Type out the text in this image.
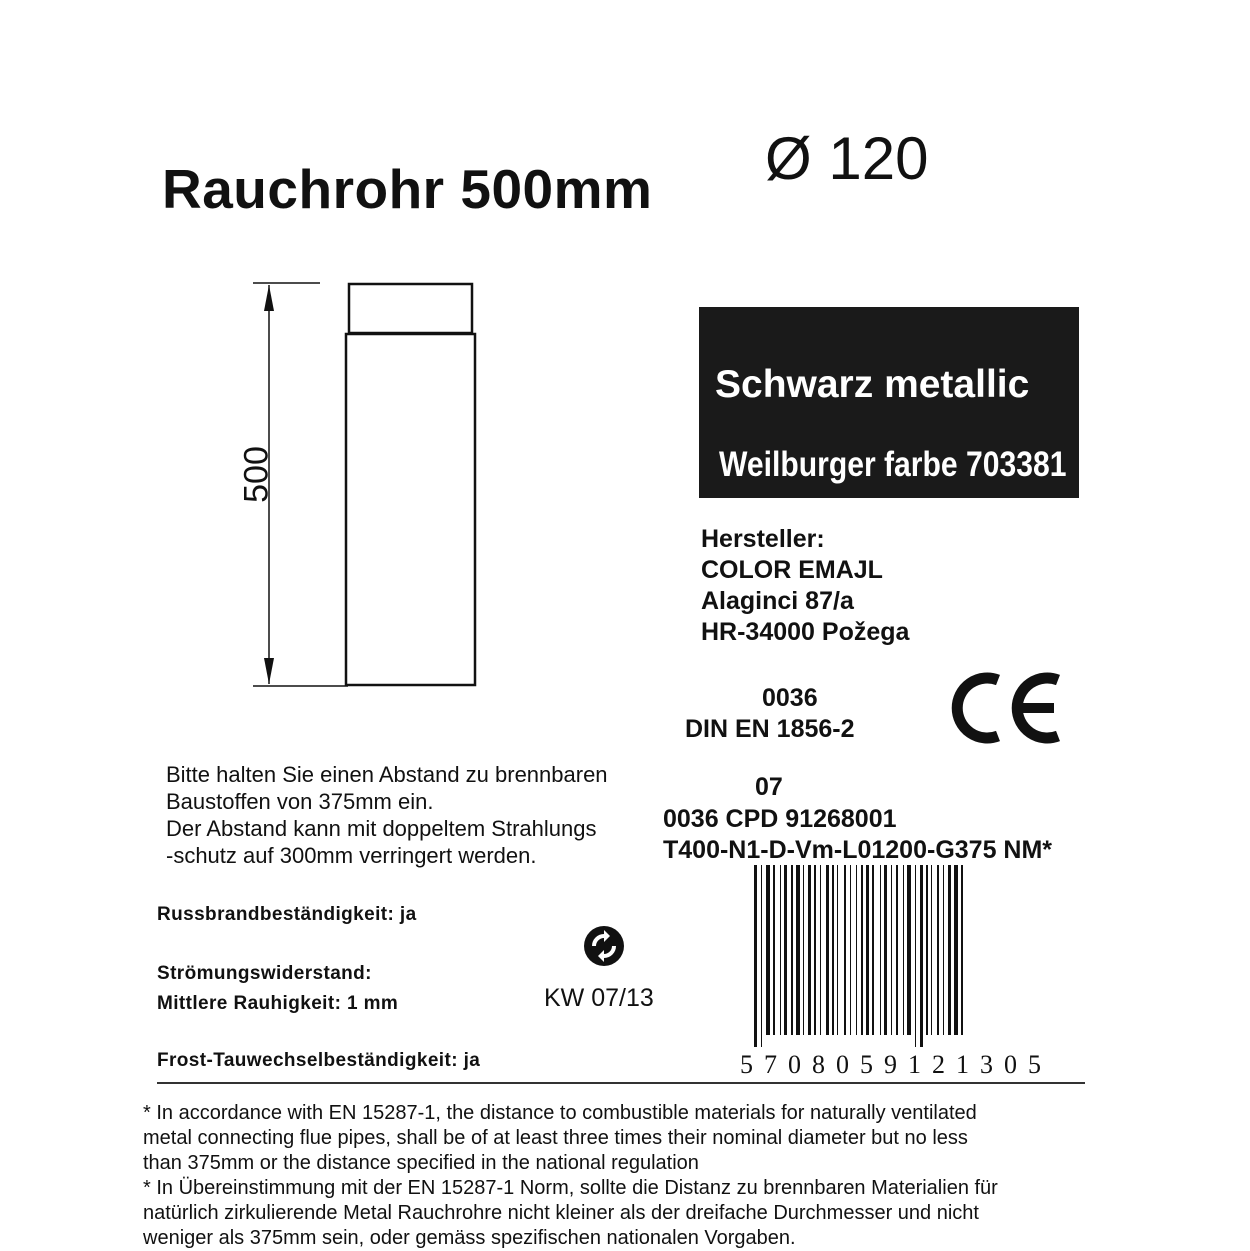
Rauchrohr 500mm Ø 120
500
Schwarz metallic
Weilburger farbe 703381
Hersteller:
COLOR EMAJL
Alaginci 87/a
HR-34000 Požega
0036
DIN EN 1856-2
07
0036 CPD 91268001
T400-N1-D-Vm-L01200-G375 NM*
Bitte halten Sie einen Abstand zu brennbaren
Baustoffen von 375mm ein.
Der Abstand kann mit doppeltem Strahlungs
-schutz auf 300mm verringert werden.
Russbrandbeständigkeit: ja
Strömungswiderstand:
Mittlere Rauhigkeit: 1 mm
Frost-Tauwechselbeständigkeit: ja
KW 07/13
5708059121305
* In accordance with EN 15287-1, the distance to combustible materials for naturally ventilated
metal connecting flue pipes, shall be of at least three times their nominal diameter but no less
than 375mm or the distance specified in the national regulation
* In Übereinstimmung mit der EN 15287-1 Norm, sollte die Distanz zu brennbaren Materialien für
natürlich zirkulierende Metal Rauchrohre nicht kleiner als der dreifache Durchmesser und nicht
weniger als 375mm sein, oder gemäss spezifischen nationalen Vorgaben.
